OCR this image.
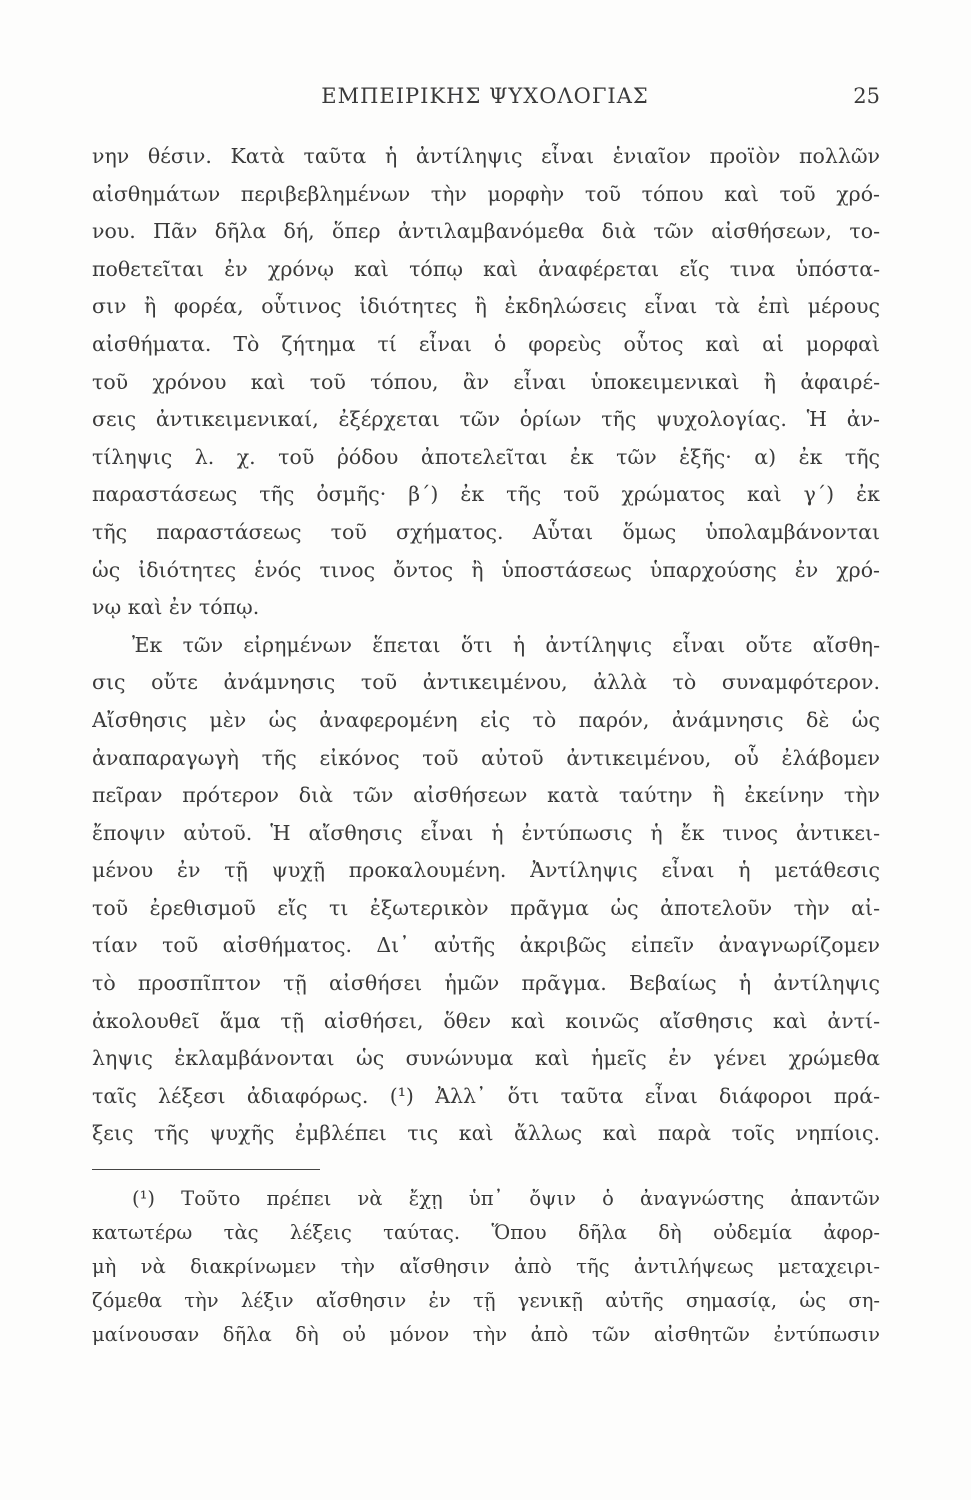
ΕΜΠΕΙΡΙΚΗΣ ΨΥΧΟΛΟΓΙΑΣ	25
νην θέσιν. Κατὰ ταῦτα ἡ ἀντίληψις εἶναι ἑνιαῖον προϊὸν πολλῶν
αἰσθημάτων περιβεβλημένων τὴν μορφὴν τοῦ τόπου καὶ τοῦ χρό-
νου. Πᾶν δῆλα δή, ὅπερ ἀντιλαμβανόμεθα διὰ τῶν αἰσθήσεων, το-
ποθετεῖται ἐν χρόνῳ καὶ τόπῳ καὶ ἀναφέρεται εἴς τινα ὑπόστα-
σιν ἢ φορέα, οὗτινος ἰδιότητες ἢ ἐκδηλώσεις εἶναι τὰ ἐπὶ μέρους
αἰσθήματα. Τὸ ζήτημα τί εἶναι ὁ φορεὺς οὗτος καὶ αἱ μορφαὶ
τοῦ χρόνου καὶ τοῦ τόπου, ἂν εἶναι ὑποκειμενικαὶ ἢ ἀφαιρέ-
σεις ἀντικειμενικαί, ἐξέρχεται τῶν ὁρίων τῆς ψυχολογίας. Ἡ ἀν-
τίληψις λ. χ. τοῦ ῥόδου ἀποτελεῖται ἐκ τῶν ἑξῆς· α) ἐκ τῆς
παραστάσεως τῆς ὀσμῆς· β΄) ἐκ τῆς τοῦ χρώματος καὶ γ΄) ἐκ
τῆς παραστάσεως τοῦ σχήματος. Αὗται ὅμως ὑπολαμβάνονται
ὡς ἰδιότητες ἑνός τινος ὄντος ἢ ὑποστάσεως ὑπαρχούσης ἐν χρό-
νῳ καὶ ἐν τόπῳ.
Ἐκ τῶν εἰρημένων ἕπεται ὅτι ἡ ἀντίληψις εἶναι οὔτε αἴσθη-
σις οὔτε ἀνάμνησις τοῦ ἀντικειμένου, ἀλλὰ τὸ συναμφότερον.
Αἴσθησις μὲν ὡς ἀναφερομένη εἰς τὸ παρόν, ἀνάμνησις δὲ ὡς
ἀναπαραγωγὴ τῆς εἰκόνος τοῦ αὐτοῦ ἀντικειμένου, οὗ ἐλάβομεν
πεῖραν πρότερον διὰ τῶν αἰσθήσεων κατὰ ταύτην ἢ ἐκείνην τὴν
ἔποψιν αὐτοῦ. Ἡ αἴσθησις εἶναι ἡ ἐντύπωσις ἡ ἔκ τινος ἀντικει-
μένου ἐν τῇ ψυχῇ προκαλουμένη. Ἀντίληψις εἶναι ἡ μετάθεσις
τοῦ ἐρεθισμοῦ εἴς τι ἐξωτερικὸν πρᾶγμα ὡς ἀποτελοῦν τὴν αἰ-
τίαν τοῦ αἰσθήματος. Δι᾽ αὐτῆς ἀκριβῶς εἰπεῖν ἀναγνωρίζομεν
τὸ προσπῖπτον τῇ αἰσθήσει ἡμῶν πρᾶγμα. Βεβαίως ἡ ἀντίληψις
ἀκολουθεῖ ἅμα τῇ αἰσθήσει, ὅθεν καὶ κοινῶς αἴσθησις καὶ ἀντί-
ληψις ἐκλαμβάνονται ὡς συνώνυμα καὶ ἡμεῖς ἐν γένει χρώμεθα
ταῖς λέξεσι ἀδιαφόρως. (¹) Ἀλλ᾽ ὅτι ταῦτα εἶναι διάφοροι πρά-
ξεις τῆς ψυχῆς ἐμβλέπει τις καὶ ἄλλως καὶ παρὰ τοῖς νηπίοις.
(¹) Τοῦτο πρέπει νὰ ἔχῃ ὑπ᾽ ὄψιν ὁ ἀναγνώστης ἀπαντῶν
κατωτέρω τὰς λέξεις ταύτας. Ὅπου δῆλα δὴ οὐδεμία ἀφορ-
μὴ νὰ διακρίνωμεν τὴν αἴσθησιν ἀπὸ τῆς ἀντιλήψεως μεταχειρι-
ζόμεθα τὴν λέξιν αἴσθησιν ἐν τῇ γενικῇ αὐτῆς σημασίᾳ, ὡς ση-
μαίνουσαν δῆλα δὴ οὐ μόνον τὴν ἀπὸ τῶν αἰσθητῶν ἐντύπωσιν
